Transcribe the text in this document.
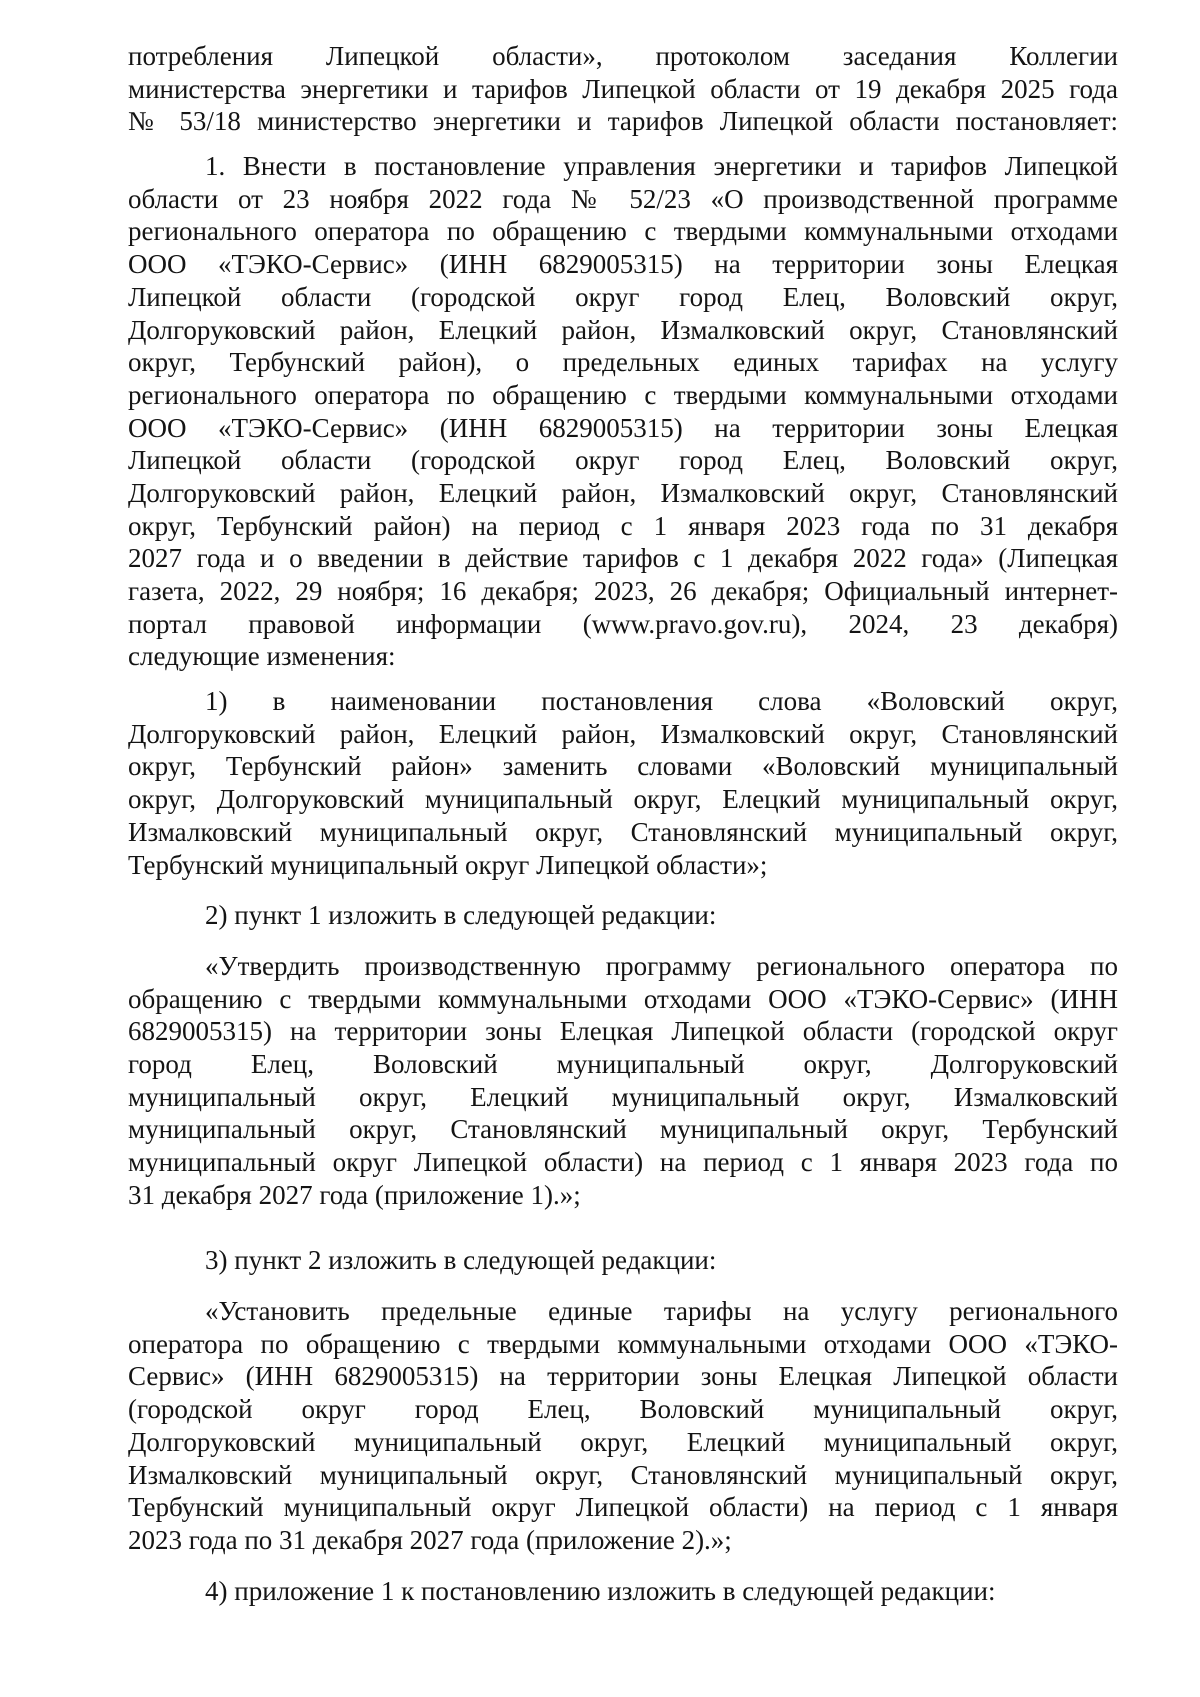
потребления Липецкой области», протоколом заседания Коллегии
министерства энергетики и тарифов Липецкой области от 19 декабря 2025 года
№ 53/18 министерство энергетики и тарифов Липецкой области постановляет:
1. Внести в постановление управления энергетики и тарифов Липецкой
области от 23 ноября 2022 года № 52/23 «О производственной программе
регионального оператора по обращению с твердыми коммунальными отходами
ООО «ТЭКО-Сервис» (ИНН 6829005315) на территории зоны Елецкая
Липецкой области (городской округ город Елец, Воловский округ,
Долгоруковский район, Елецкий район, Измалковский округ, Становлянский
округ, Тербунский район), о предельных единых тарифах на услугу
регионального оператора по обращению с твердыми коммунальными отходами
ООО «ТЭКО-Сервис» (ИНН 6829005315) на территории зоны Елецкая
Липецкой области (городской округ город Елец, Воловский округ,
Долгоруковский район, Елецкий район, Измалковский округ, Становлянский
округ, Тербунский район) на период с 1 января 2023 года по 31 декабря
2027 года и о введении в действие тарифов с 1 декабря 2022 года» (Липецкая
газета, 2022, 29 ноября; 16 декабря; 2023, 26 декабря; Официальный интернет-
портал правовой информации (www.pravo.gov.ru), 2024, 23 декабря)
следующие изменения:
1) в наименовании постановления слова «Воловский округ,
Долгоруковский район, Елецкий район, Измалковский округ, Становлянский
округ, Тербунский район» заменить словами «Воловский муниципальный
округ, Долгоруковский муниципальный округ, Елецкий муниципальный округ,
Измалковский муниципальный округ, Становлянский муниципальный округ,
Тербунский муниципальный округ Липецкой области»;
2) пункт 1 изложить в следующей редакции:
«Утвердить производственную программу регионального оператора по
обращению с твердыми коммунальными отходами ООО «ТЭКО-Сервис» (ИНН
6829005315) на территории зоны Елецкая Липецкой области (городской округ
город Елец, Воловский муниципальный округ, Долгоруковский
муниципальный округ, Елецкий муниципальный округ, Измалковский
муниципальный округ, Становлянский муниципальный округ, Тербунский
муниципальный округ Липецкой области) на период с 1 января 2023 года по
31 декабря 2027 года (приложение 1).»;
3) пункт 2 изложить в следующей редакции:
«Установить предельные единые тарифы на услугу регионального
оператора по обращению с твердыми коммунальными отходами ООО «ТЭКО-
Сервис» (ИНН 6829005315) на территории зоны Елецкая Липецкой области
(городской округ город Елец, Воловский муниципальный округ,
Долгоруковский муниципальный округ, Елецкий муниципальный округ,
Измалковский муниципальный округ, Становлянский муниципальный округ,
Тербунский муниципальный округ Липецкой области) на период с 1 января
2023 года по 31 декабря 2027 года (приложение 2).»;
4) приложение 1 к постановлению изложить в следующей редакции:
